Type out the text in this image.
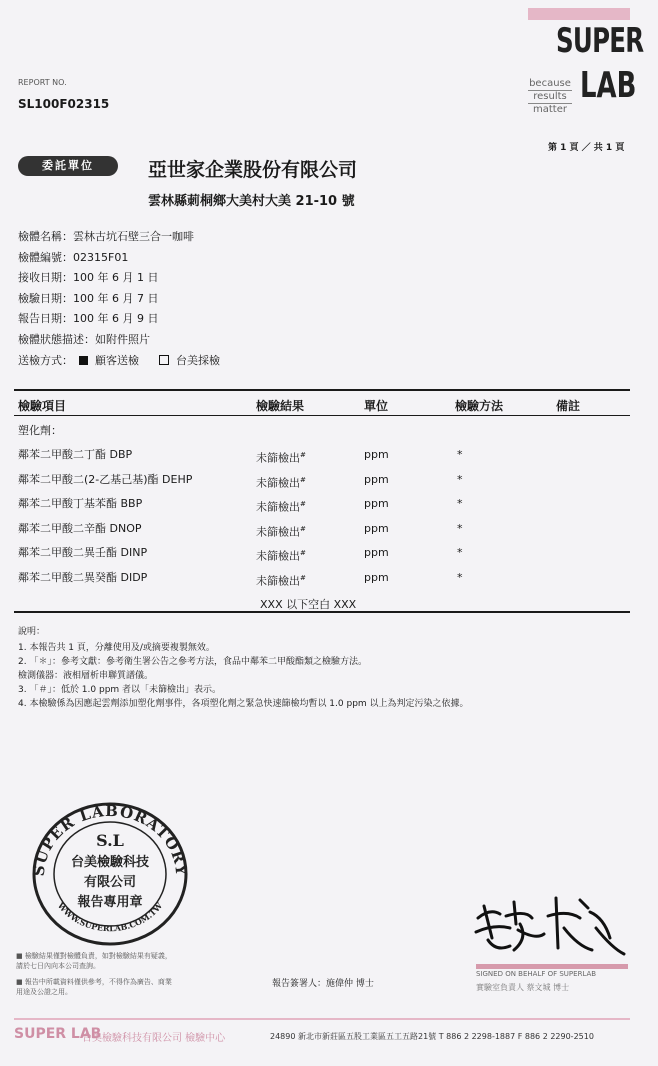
SUPER
because
results
matter
LAB
REPORT NO.
SL100F02315
第 1 頁 ／ 共 1 頁
委託單位	亞世家企業股份有限公司
雲林縣莿桐鄉大美村大美 21-10 號
檢體名稱：雲林古坑石壁三合一咖啡
檢體編號：02315F01
接收日期：100 年 6 月 1 日
檢驗日期：100 年 6 月 7 日
報告日期：100 年 6 月 9 日
檢體狀態描述：如附件照片
送檢方式： 顧客送檢	台美採檢
檢驗項目	檢驗結果	單位	檢驗方法	備註
塑化劑：
鄰苯二甲酸二丁酯 DBP	未篩檢出#	ppm	*
鄰苯二甲酸二(2-乙基己基)酯 DEHP	未篩檢出#	ppm	*
鄰苯二甲酸丁基苯酯 BBP	未篩檢出#	ppm	*
鄰苯二甲酸二辛酯 DNOP	未篩檢出#	ppm	*
鄰苯二甲酸二異壬酯 DINP	未篩檢出#	ppm	*
鄰苯二甲酸二異癸酯 DIDP	未篩檢出#	ppm	*
XXX 以下空白 XXX
說明：
1. 本報告共 1 頁，分離使用及/或摘要複製無效。
2. 「＊」：參考文獻：參考衛生署公告之參考方法，食品中鄰苯二甲酸酯類之檢驗方法。
檢測儀器：液相層析串聯質譜儀。
3. 「＃」：低於 1.0 ppm 者以「未篩檢出」表示。
4. 本檢驗係為因應起雲劑添加塑化劑事件，各項塑化劑之緊急快速篩檢均暫以 1.0 ppm 以上為判定污染之依據。
SUPER LABORATORY
WWW.SUPERLAB.COM.TW
S.L
台美檢驗科技
有限公司
報告專用章
■ 檢驗結果僅對檢體負責，如對檢驗結果有疑義，
請於七日內向本公司查詢。
■ 報告中所載資料僅供參考，不得作為廣告、商業
用途及公證之用。
報告簽署人：施偉仲 博士
SIGNED ON BEHALF OF SUPERLAB
實驗室負責人 蔡文城 博士
SUPER LAB
台美檢驗科技有限公司 檢驗中心	24890 新北市新莊區五股工業區五工五路21號 T 886 2 2298-1887 F 886 2 2290-2510
